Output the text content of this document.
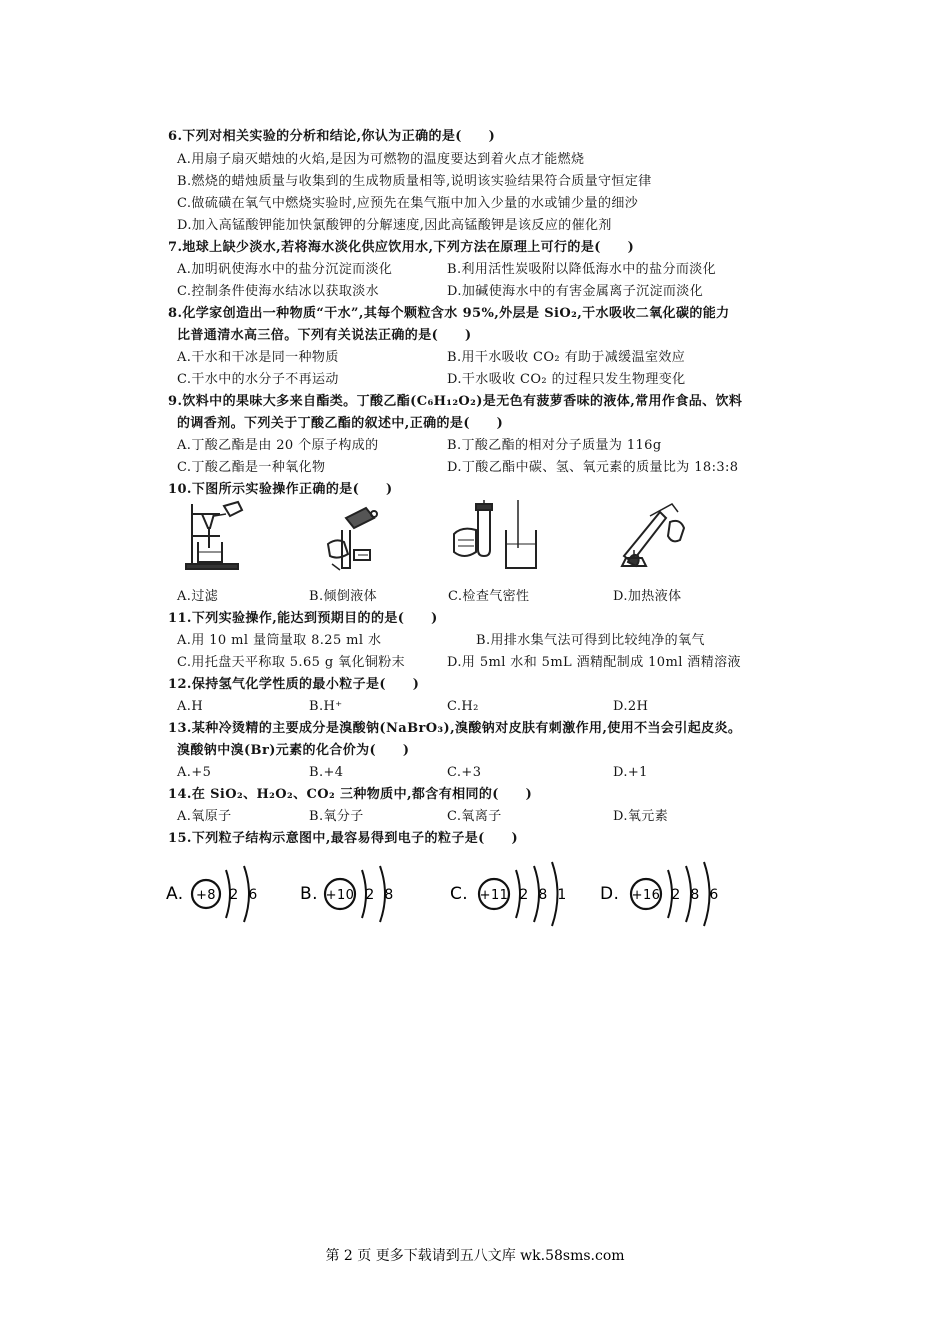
6.下列对相关实验的分析和结论,你认为正确的是(　　)
A.用扇子扇灭蜡烛的火焰,是因为可燃物的温度要达到着火点才能燃烧
B.燃烧的蜡烛质量与收集到的生成物质量相等,说明该实验结果符合质量守恒定律
C.做硫磺在氧气中燃烧实验时,应预先在集气瓶中加入少量的水或铺少量的细沙
D.加入高锰酸钾能加快氯酸钾的分解速度,因此高锰酸钾是该反应的催化剂
7.地球上缺少淡水,若将海水淡化供应饮用水,下列方法在原理上可行的是(　　)
A.加明矾使海水中的盐分沉淀而淡化	B.利用活性炭吸附以降低海水中的盐分而淡化
C.控制条件使海水结冰以获取淡水	D.加碱使海水中的有害金属离子沉淀而淡化
8.化学家创造出一种物质“干水”,其每个颗粒含水 95%,外层是 SiO₂,干水吸收二氧化碳的能力
比普通清水高三倍。下列有关说法正确的是(　　)
A.干水和干冰是同一种物质	B.用干水吸收 CO₂ 有助于减缓温室效应
C.干水中的水分子不再运动	D.干水吸收 CO₂ 的过程只发生物理变化
9.饮料中的果味大多来自酯类。丁酸乙酯(C₆H₁₂O₂)是无色有菠萝香味的液体,常用作食品、饮料
的调香剂。下列关于丁酸乙酯的叙述中,正确的是(　　)
A.丁酸乙酯是由 20 个原子构成的	B.丁酸乙酯的相对分子质量为 116g
C.丁酸乙酯是一种氧化物	D.丁酸乙酯中碳、氢、氧元素的质量比为 18:3:8
10.下图所示实验操作正确的是(　　)
A.过滤	B.倾倒液体	C.检查气密性	D.加热液体
11.下列实验操作,能达到预期目的的是(　　)
A.用 10 ml 量筒量取 8.25 ml 水	B.用排水集气法可得到比较纯净的氧气
C.用托盘天平称取 5.65 g 氧化铜粉末	D.用 5ml 水和 5mL 酒精配制成 10ml 酒精溶液
12.保持氢气化学性质的最小粒子是(　　)
A.H	B.H⁺	C.H₂	D.2H
13.某种冷烫精的主要成分是溴酸钠(NaBrO₃),溴酸钠对皮肤有刺激作用,使用不当会引起皮炎。
溴酸钠中溴(Br)元素的化合价为(　　)
A.+5	B.+4	C.+3	D.+1
14.在 SiO₂、H₂O₂、CO₂ 三种物质中,都含有相同的(　　)
A.氧原子	B.氧分子	C.氧离子	D.氧元素
15.下列粒子结构示意图中,最容易得到电子的粒子是(　　)
A. +8 2 6 B. +10 2 8	C. +11 2 8 1 D. +16 2 8 6
第 2 页 更多下载请到五八文库 wk.58sms.com
